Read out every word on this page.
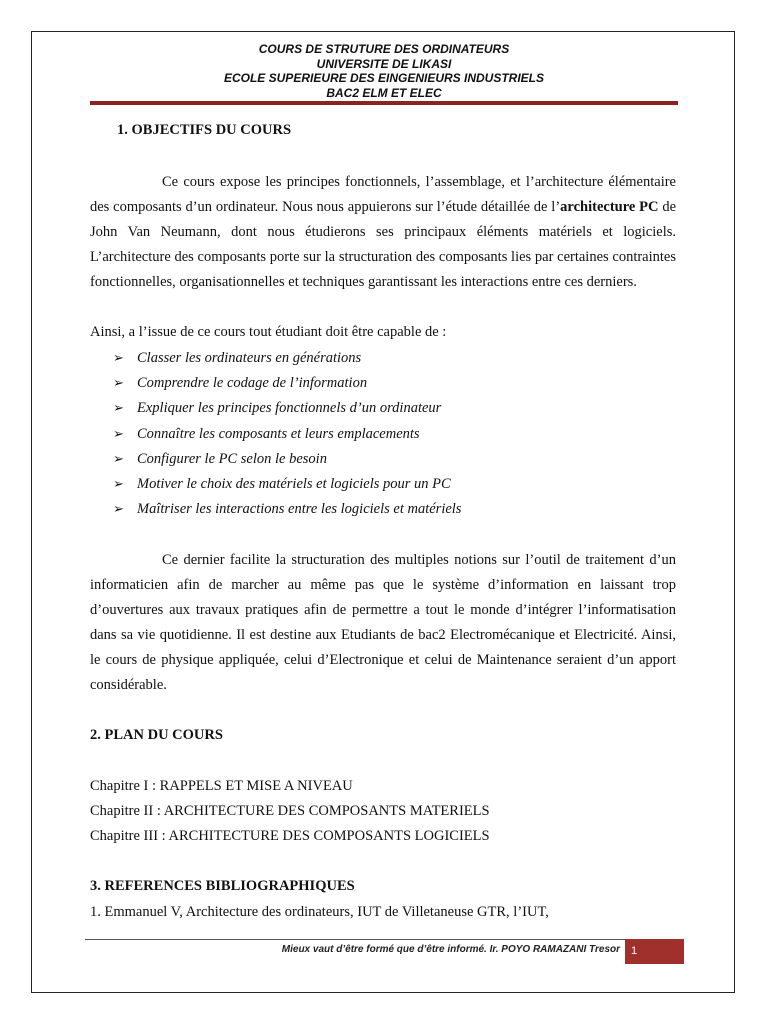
COURS DE STRUTURE DES ORDINATEURS
UNIVERSITE DE LIKASI
ECOLE SUPERIEURE DES EINGENIEURS INDUSTRIELS
BAC2 ELM ET ELEC
1. OBJECTIFS DU COURS

Ce cours expose les principes fonctionnels, l’assemblage, et l’architecture élémentaire des composants d’un ordinateur. Nous nous appuierons sur l’étude détaillée de l’architecture PC de John Van Neumann, dont nous étudierons ses principaux éléments matériels et logiciels. L’architecture des composants porte sur la structuration des composants lies par certaines contraintes fonctionnelles, organisationnelles et techniques garantissant les interactions entre ces derniers.

Ainsi, a l’issue de ce cours tout étudiant doit être capable de :

➢ Classer les ordinateurs en générations
➢ Comprendre le codage de l’information
➢ Expliquer les principes fonctionnels d’un ordinateur
➢ Connaître les composants et leurs emplacements
➢ Configurer le PC selon le besoin
➢ Motiver le choix des matériels et logiciels pour un PC
➢ Maîtriser les interactions entre les logiciels et matériels

Ce dernier facilite la structuration des multiples notions sur l’outil de traitement d’un informaticien afin de marcher au même pas que le système d’information en laissant trop d’ouvertures aux travaux pratiques afin de permettre a tout le monde d’intégrer l’informatisation dans sa vie quotidienne. Il est destine aux Etudiants de bac2 Electromécanique et Electricité. Ainsi, le cours de physique appliquée, celui d’Electronique et celui de Maintenance seraient d’un apport considérable.

2. PLAN DU COURS

Chapitre I : RAPPELS ET MISE A NIVEAU

Chapitre II : ARCHITECTURE DES COMPOSANTS MATERIELS

Chapitre III : ARCHITECTURE DES COMPOSANTS LOGICIELS

3. REFERENCES BIBLIOGRAPHIQUES

1. Emmanuel V, Architecture des ordinateurs, IUT de Villetaneuse GTR, l’IUT,

Mieux vaut d’être formé que d’être informé. Ir. POYO RAMAZANI Tresor	1
